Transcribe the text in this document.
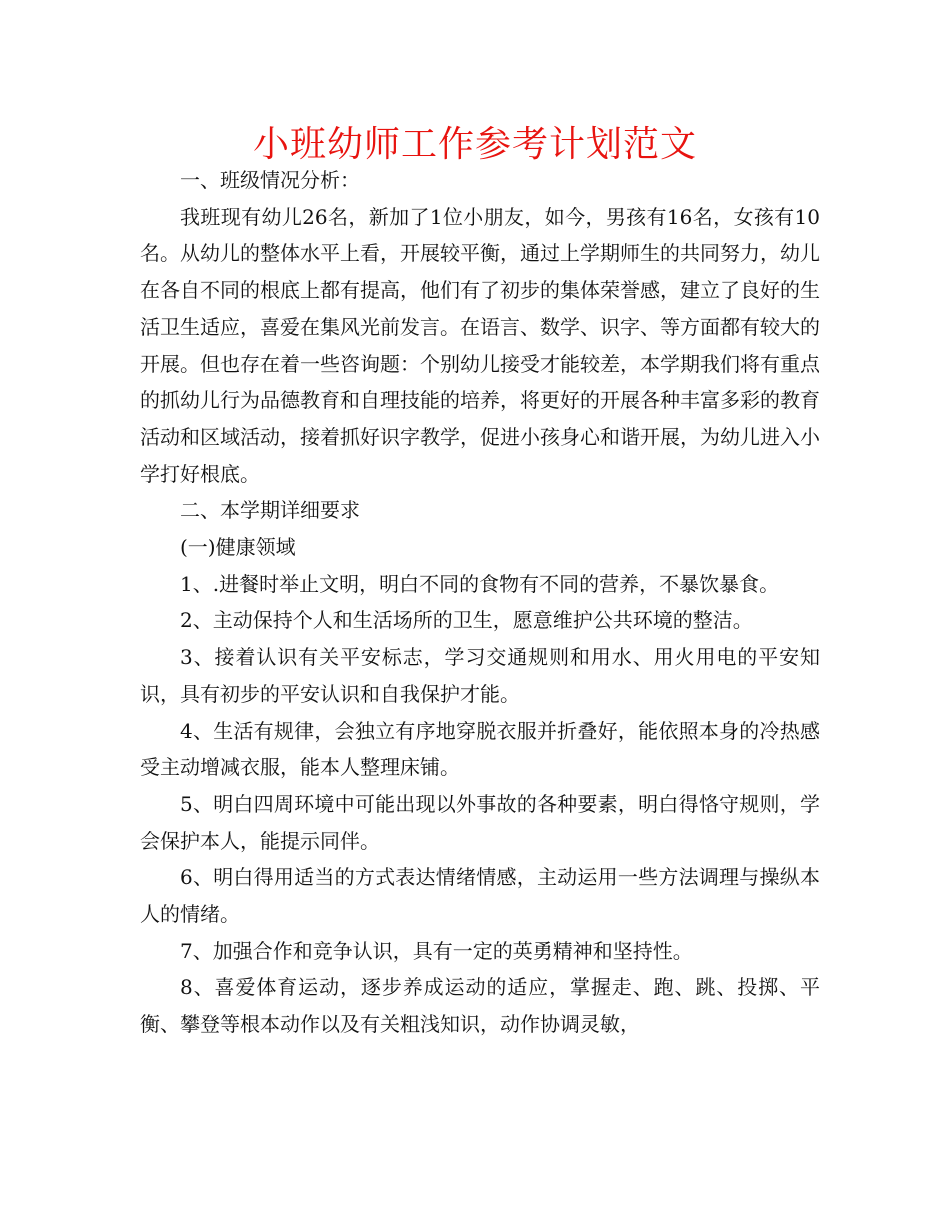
小班幼师工作参考计划范文

一、班级情况分析：

我班现有幼儿26名，新加了1位小朋友，如今，男孩有16名，女孩有10名。从幼儿的整体水平上看，开展较平衡，通过上学期师生的共同努力，幼儿在各自不同的根底上都有提高，他们有了初步的集体荣誉感，建立了良好的生活卫生适应，喜爱在集风光前发言。在语言、数学、识字、等方面都有较大的开展。但也存在着一些咨询题：个别幼儿接受才能较差，本学期我们将有重点的抓幼儿行为品德教育和自理技能的培养，将更好的开展各种丰富多彩的教育活动和区域活动，接着抓好识字教学，促进小孩身心和谐开展，为幼儿进入小学打好根底。

二、本学期详细要求

(一)健康领域

1、.进餐时举止文明，明白不同的食物有不同的营养，不暴饮暴食。

2、主动保持个人和生活场所的卫生，愿意维护公共环境的整洁。

3、接着认识有关平安标志，学习交通规则和用水、用火用电的平安知识，具有初步的平安认识和自我保护才能。

4、生活有规律，会独立有序地穿脱衣服并折叠好，能依照本身的冷热感受主动增减衣服，能本人整理床铺。

5、明白四周环境中可能出现以外事故的各种要素，明白得恪守规则，学会保护本人，能提示同伴。

6、明白得用适当的方式表达情绪情感，主动运用一些方法调理与操纵本人的情绪。

7、加强合作和竞争认识，具有一定的英勇精神和坚持性。

8、喜爱体育运动，逐步养成运动的适应，掌握走、跑、跳、投掷、平衡、攀登等根本动作以及有关粗浅知识，动作协调灵敏，
